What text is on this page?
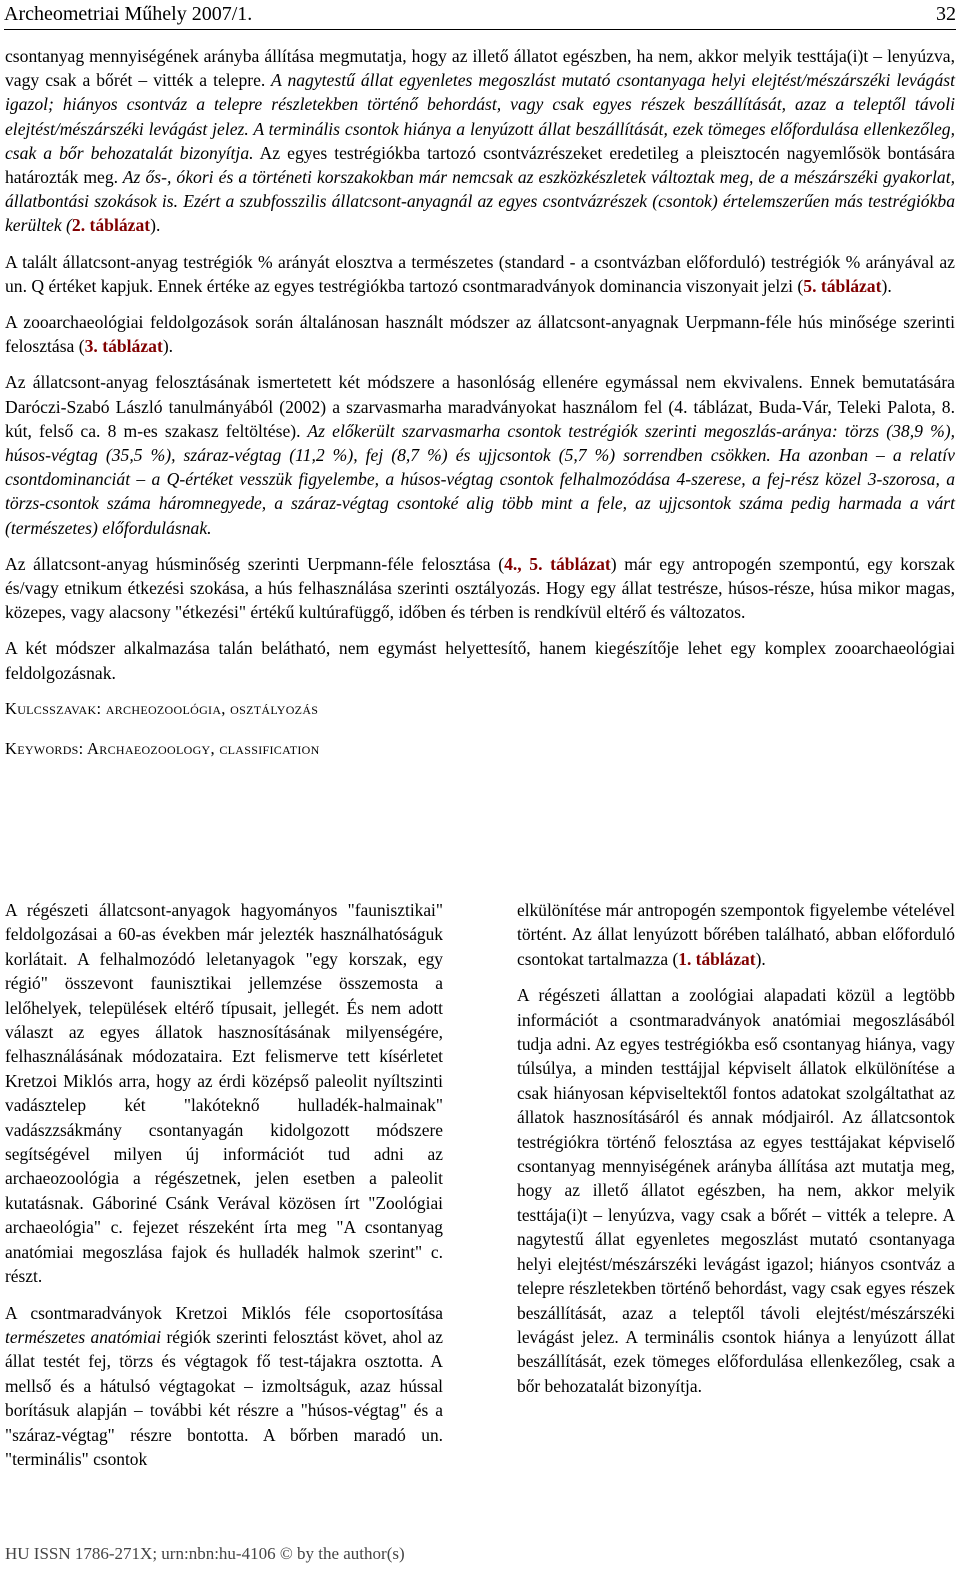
Archeometriai Műhely 2007/1.	32

csontanyag mennyiségének arányba állítása megmutatja, hogy az illető állatot egészben, ha nem, akkor melyik testtája(i)t – lenyúzva, vagy csak a bőrét – vitték a telepre. A nagytestű állat egyenletes megoszlást mutató csontanyaga helyi elejtést/mészárszéki levágást igazol; hiányos csontváz a telepre részletekben történő behordást, vagy csak egyes részek beszállítását, azaz a teleptől távoli elejtést/mészárszéki levágást jelez. A terminális csontok hiánya a lenyúzott állat beszállítását, ezek tömeges előfordulása ellenkezőleg, csak a bőr behozatalát bizonyítja. Az egyes testrégiókba tartozó csontvázrészeket eredetileg a pleisztocén nagyemlősök bontására határozták meg. Az ős-, ókori és a történeti korszakokban már nemcsak az eszközkészletek változtak meg, de a mészárszéki gyakorlat, állatbontási szokások is. Ezért a szubfosszilis állatcsont-anyagnál az egyes csontvázrészek (csontok) értelemszerűen más testrégiókba kerültek (2. táblázat).

A talált állatcsont-anyag testrégiók % arányát elosztva a természetes (standard - a csontvázban előforduló) testrégiók % arányával az un. Q értéket kapjuk. Ennek értéke az egyes testrégiókba tartozó csontmaradványok dominancia viszonyait jelzi (5. táblázat).

A zooarchaeológiai feldolgozások során általánosan használt módszer az állatcsont-anyagnak Uerpmann-féle hús minősége szerinti felosztása (3. táblázat).

Az állatcsont-anyag felosztásának ismertetett két módszere a hasonlóság ellenére egymással nem ekvivalens. Ennek bemutatására Daróczi-Szabó László tanulmányából (2002) a szarvasmarha maradványokat használom fel (4. táblázat, Buda-Vár, Teleki Palota, 8. kút, felső ca. 8 m-es szakasz feltöltése). Az előkerült szarvasmarha csontok testrégiók szerinti megoszlás-aránya: törzs (38,9 %), húsos-végtag (35,5 %), száraz-végtag (11,2 %), fej (8,7 %) és ujjcsontok (5,7 %) sorrendben csökken. Ha azonban – a relatív csontdominanciát – a Q-értéket vesszük figyelembe, a húsos-végtag csontok felhalmozódása 4-szerese, a fej-rész közel 3-szorosa, a törzs-csontok száma háromnegyede, a száraz-végtag csontoké alig több mint a fele, az ujjcsontok száma pedig harmada a várt (természetes) előfordulásnak.

Az állatcsont-anyag húsminőség szerinti Uerpmann-féle felosztása (4., 5. táblázat) már egy antropogén szempontú, egy korszak és/vagy etnikum étkezési szokása, a hús felhasználása szerinti osztályozás. Hogy egy állat testrésze, húsos-része, húsa mikor magas, közepes, vagy alacsony "étkezési" értékű kultúrafüggő, időben és térben is rendkívül eltérő és változatos.

A két módszer alkalmazása talán belátható, nem egymást helyettesítő, hanem kiegészítője lehet egy komplex zooarchaeológiai feldolgozásnak.

Kulcsszavak: archeozoológia, osztályozás

Keywords: Archaeozoology, classification

A régészeti állatcsont-anyagok hagyományos "faunisztikai" feldolgozásai a 60-as években már jelezték használhatóságuk korlátait. A felhalmozódó leletanyagok "egy korszak, egy régió" összevont faunisztikai jellemzése összemosta a lelőhelyek, települések eltérő típusait, jellegét. És nem adott választ az egyes állatok hasznosításának milyenségére, felhasználásának módozataira. Ezt felismerve tett kísérletet Kretzoi Miklós arra, hogy az érdi középső paleolit nyíltszinti vadásztelep két "lakóteknő hulladék-halmainak" vadászzsákmány csontanyagán kidolgozott módszere segítségével milyen új információt tud adni az archaeozoológia a régészetnek, jelen esetben a paleolit kutatásnak. Gáboriné Csánk Verával közösen írt "Zoológiai archaeológia" c. fejezet részeként írta meg "A csontanyag anatómiai megoszlása fajok és hulladék halmok szerint" c. részt.

A csontmaradványok Kretzoi Miklós féle csoportosítása természetes anatómiai régiók szerinti felosztást követ, ahol az állat testét fej, törzs és végtagok fő test-tájakra osztotta. A mellső és a hátulsó végtagokat – izmoltságuk, azaz hússal borításuk alapján – további két részre a "húsos-végtag" és a "száraz-végtag" részre bontotta. A bőrben maradó un. "terminális" csontok

elkülönítése már antropogén szempontok figyelembe vételével történt. Az állat lenyúzott bőrében található, abban előforduló csontokat tartalmazza (1. táblázat).

A régészeti állattan a zoológiai alapadati közül a legtöbb információt a csontmaradványok anatómiai megoszlásából tudja adni. Az egyes testrégiókba eső csontanyag hiánya, vagy túlsúlya, a minden testtájjal képviselt állatok elkülönítése a csak hiányosan képviseltektől fontos adatokat szolgáltathat az állatok hasznosításáról és annak módjairól. Az állatcsontok testrégiókra történő felosztása az egyes testtájakat képviselő csontanyag mennyiségének arányba állítása azt mutatja meg, hogy az illető állatot egészben, ha nem, akkor melyik testtája(i)t – lenyúzva, vagy csak a bőrét – vitték a telepre. A nagytestű állat egyenletes megoszlást mutató csontanyaga helyi elejtést/mészárszéki levágást igazol; hiányos csontváz a telepre részletekben történő behordást, vagy csak egyes részek beszállítását, azaz a teleptől távoli elejtést/mészárszéki levágást jelez. A terminális csontok hiánya a lenyúzott állat beszállítását, ezek tömeges előfordulása ellenkezőleg, csak a bőr behozatalát bizonyítja.

HU ISSN 1786-271X; urn:nbn:hu-4106 © by the author(s)
